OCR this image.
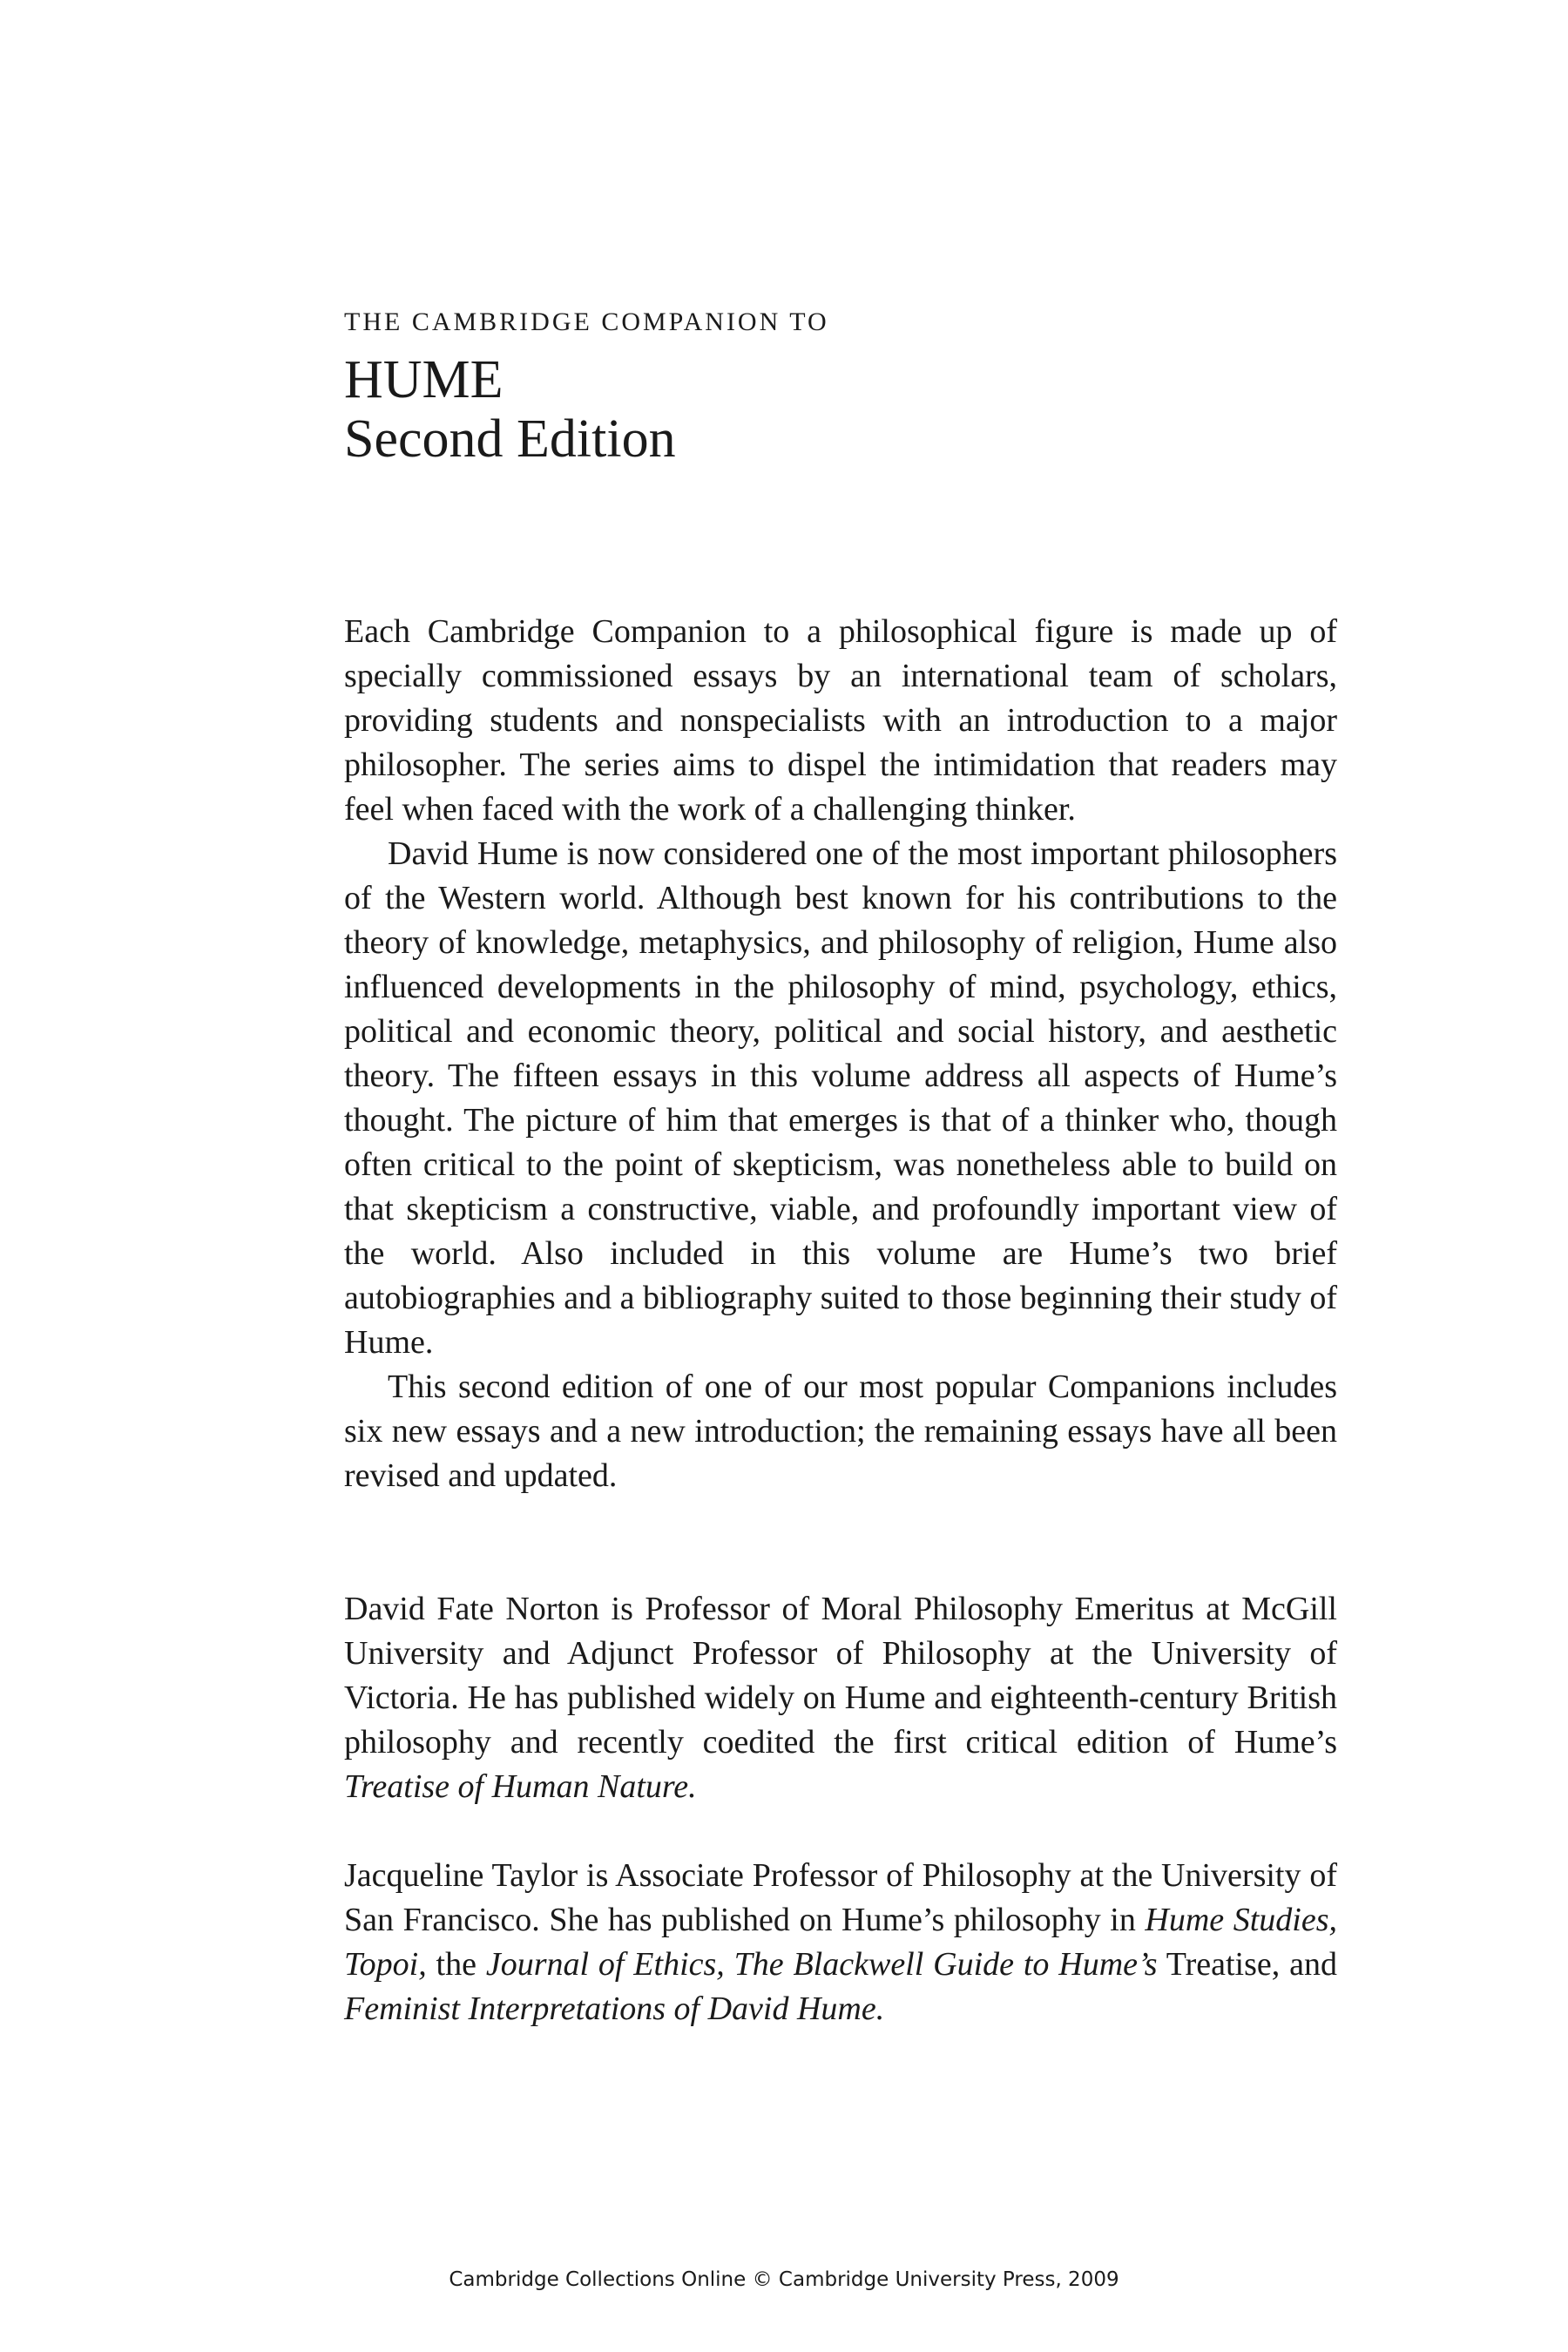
THE CAMBRIDGE COMPANION TO

HUME
Second Edition

Each Cambridge Companion to a philosophical figure is made up of specially commissioned essays by an international team of scholars, providing students and nonspecialists with an introduction to a major philosopher. The series aims to dispel the intimidation that readers may feel when faced with the work of a challenging thinker.

David Hume is now considered one of the most important philosophers of the Western world. Although best known for his contributions to the theory of knowledge, metaphysics, and philosophy of religion, Hume also influenced developments in the philosophy of mind, psychology, ethics, political and economic theory, political and social history, and aesthetic theory. The fifteen essays in this volume address all aspects of Hume’s thought. The picture of him that emerges is that of a thinker who, though often critical to the point of skepticism, was nonetheless able to build on that skepticism a constructive, viable, and profoundly important view of the world. Also included in this volume are Hume’s two brief autobiographies and a bibliography suited to those beginning their study of Hume.

This second edition of one of our most popular Companions includes six new essays and a new introduction; the remaining essays have all been revised and updated.

David Fate Norton is Professor of Moral Philosophy Emeritus at McGill University and Adjunct Professor of Philosophy at the University of Victoria. He has published widely on Hume and eighteenth-century British philosophy and recently coedited the first critical edition of Hume’s Treatise of Human Nature.

Jacqueline Taylor is Associate Professor of Philosophy at the University of San Francisco. She has published on Hume’s philosophy in Hume Studies, Topoi, the Journal of Ethics, The Blackwell Guide to Hume’s Treatise, and Feminist Interpretations of David Hume.

Cambridge Collections Online © Cambridge University Press, 2009
